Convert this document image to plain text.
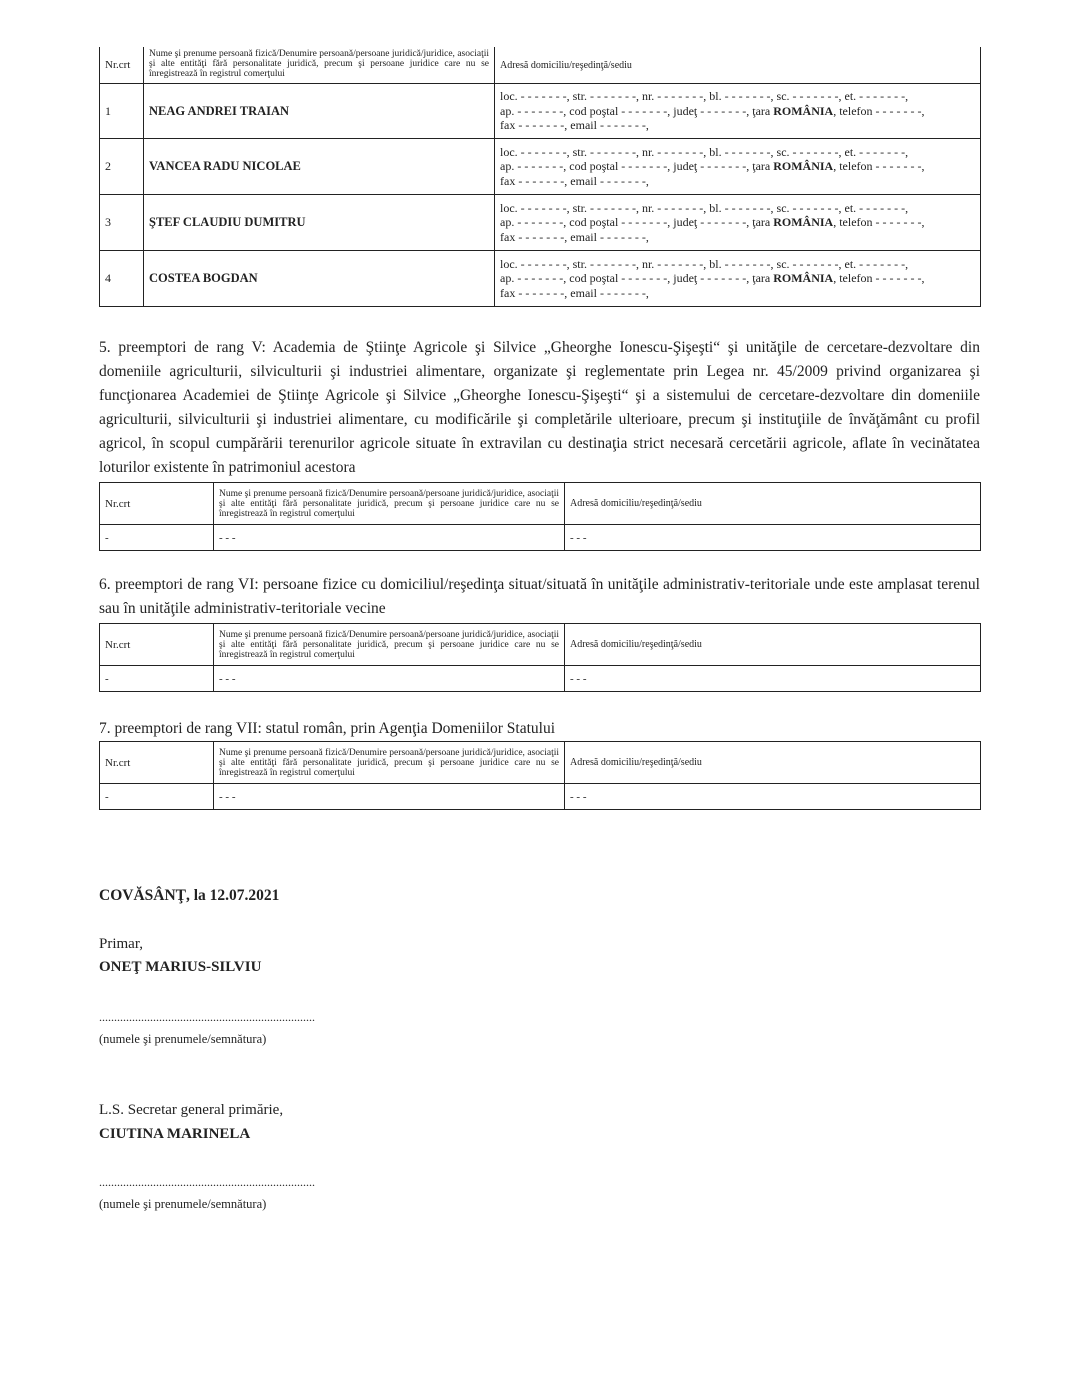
Nr.crt	Nume şi prenume persoană fizică/Denumire persoană/persoane juridică/juridice, asociaţii şi alte entităţi fără personalitate juridică, precum şi persoane juridice care nu se înregistrează în registrul comerţului	Adresă domiciliu/reşedinţă/sediu
1	NEAG ANDREI TRAIAN	loc. - - - - - - -, str. - - - - - - -, nr. - - - - - - -, bl. - - - - - - -, sc. - - - - - - -, et. - - - - - - -,
ap. - - - - - - -, cod poştal - - - - - - -, judeţ - - - - - - -, ţara ROMÂNIA, telefon - - - - - - -,
fax - - - - - - -, email - - - - - - -,

2	VANCEA RADU NICOLAE	loc. - - - - - - -, str. - - - - - - -, nr. - - - - - - -, bl. - - - - - - -, sc. - - - - - - -, et. - - - - - - -,
ap. - - - - - - -, cod poştal - - - - - - -, judeţ - - - - - - -, ţara ROMÂNIA, telefon - - - - - - -,
fax - - - - - - -, email - - - - - - -,

3	ŞTEF CLAUDIU DUMITRU	loc. - - - - - - -, str. - - - - - - -, nr. - - - - - - -, bl. - - - - - - -, sc. - - - - - - -, et. - - - - - - -,
ap. - - - - - - -, cod poştal - - - - - - -, judeţ - - - - - - -, ţara ROMÂNIA, telefon - - - - - - -,
fax - - - - - - -, email - - - - - - -,

4	COSTEA BOGDAN	loc. - - - - - - -, str. - - - - - - -, nr. - - - - - - -, bl. - - - - - - -, sc. - - - - - - -, et. - - - - - - -,
ap. - - - - - - -, cod poştal - - - - - - -, judeţ - - - - - - -, ţara ROMÂNIA, telefon - - - - - - -,
fax - - - - - - -, email - - - - - - -,

5. preemptori de rang V: Academia de Ştiinţe Agricole şi Silvice „Gheorghe Ionescu-Şişeşti“ şi unităţile de cercetare-dezvoltare din domeniile agriculturii, silviculturii şi industriei alimentare, organizate şi reglementate prin Legea nr. 45/2009 privind organizarea şi funcţionarea Academiei de Ştiinţe Agricole şi Silvice „Gheorghe Ionescu-Şişeşti“ şi a sistemului de cercetare-dezvoltare din domeniile agriculturii, silviculturii şi industriei alimentare, cu modificările şi completările ulterioare, precum şi instituţiile de învăţământ cu profil agricol, în scopul cumpărării terenurilor agricole situate în extravilan cu destinaţia strict necesară cercetării agricole, aflate în vecinătatea loturilor existente în patrimoniul acestora

Nr.crt	Nume şi prenume persoană fizică/Denumire persoană/persoane juridică/juridice, asociaţii şi alte entităţi fără personalitate juridică, precum şi persoane juridice care nu se înregistrează în registrul comerţului	Adresă domiciliu/reşedinţă/sediu
-	- - -	- - -

6. preemptori de rang VI: persoane fizice cu domiciliul/reşedinţa situat/situată în unităţile administrativ-teritoriale unde este amplasat terenul sau în unităţile administrativ-teritoriale vecine

Nr.crt	Nume şi prenume persoană fizică/Denumire persoană/persoane juridică/juridice, asociaţii şi alte entităţi fără personalitate juridică, precum şi persoane juridice care nu se înregistrează în registrul comerţului	Adresă domiciliu/reşedinţă/sediu
-	- - -	- - -

7. preemptori de rang VII: statul român, prin Agenţia Domeniilor Statului

Nr.crt	Nume şi prenume persoană fizică/Denumire persoană/persoane juridică/juridice, asociaţii şi alte entităţi fără personalitate juridică, precum şi persoane juridice care nu se înregistrează în registrul comerţului	Adresă domiciliu/reşedinţă/sediu
-	- - -	- - -
COVĂSÂNŢ, la 12.07.2021
Primar,
ONEŢ MARIUS-SILVIU
........................................................................
(numele şi prenumele/semnătura)
L.S. Secretar general primărie,
CIUTINA MARINELA
........................................................................
(numele şi prenumele/semnătura)
